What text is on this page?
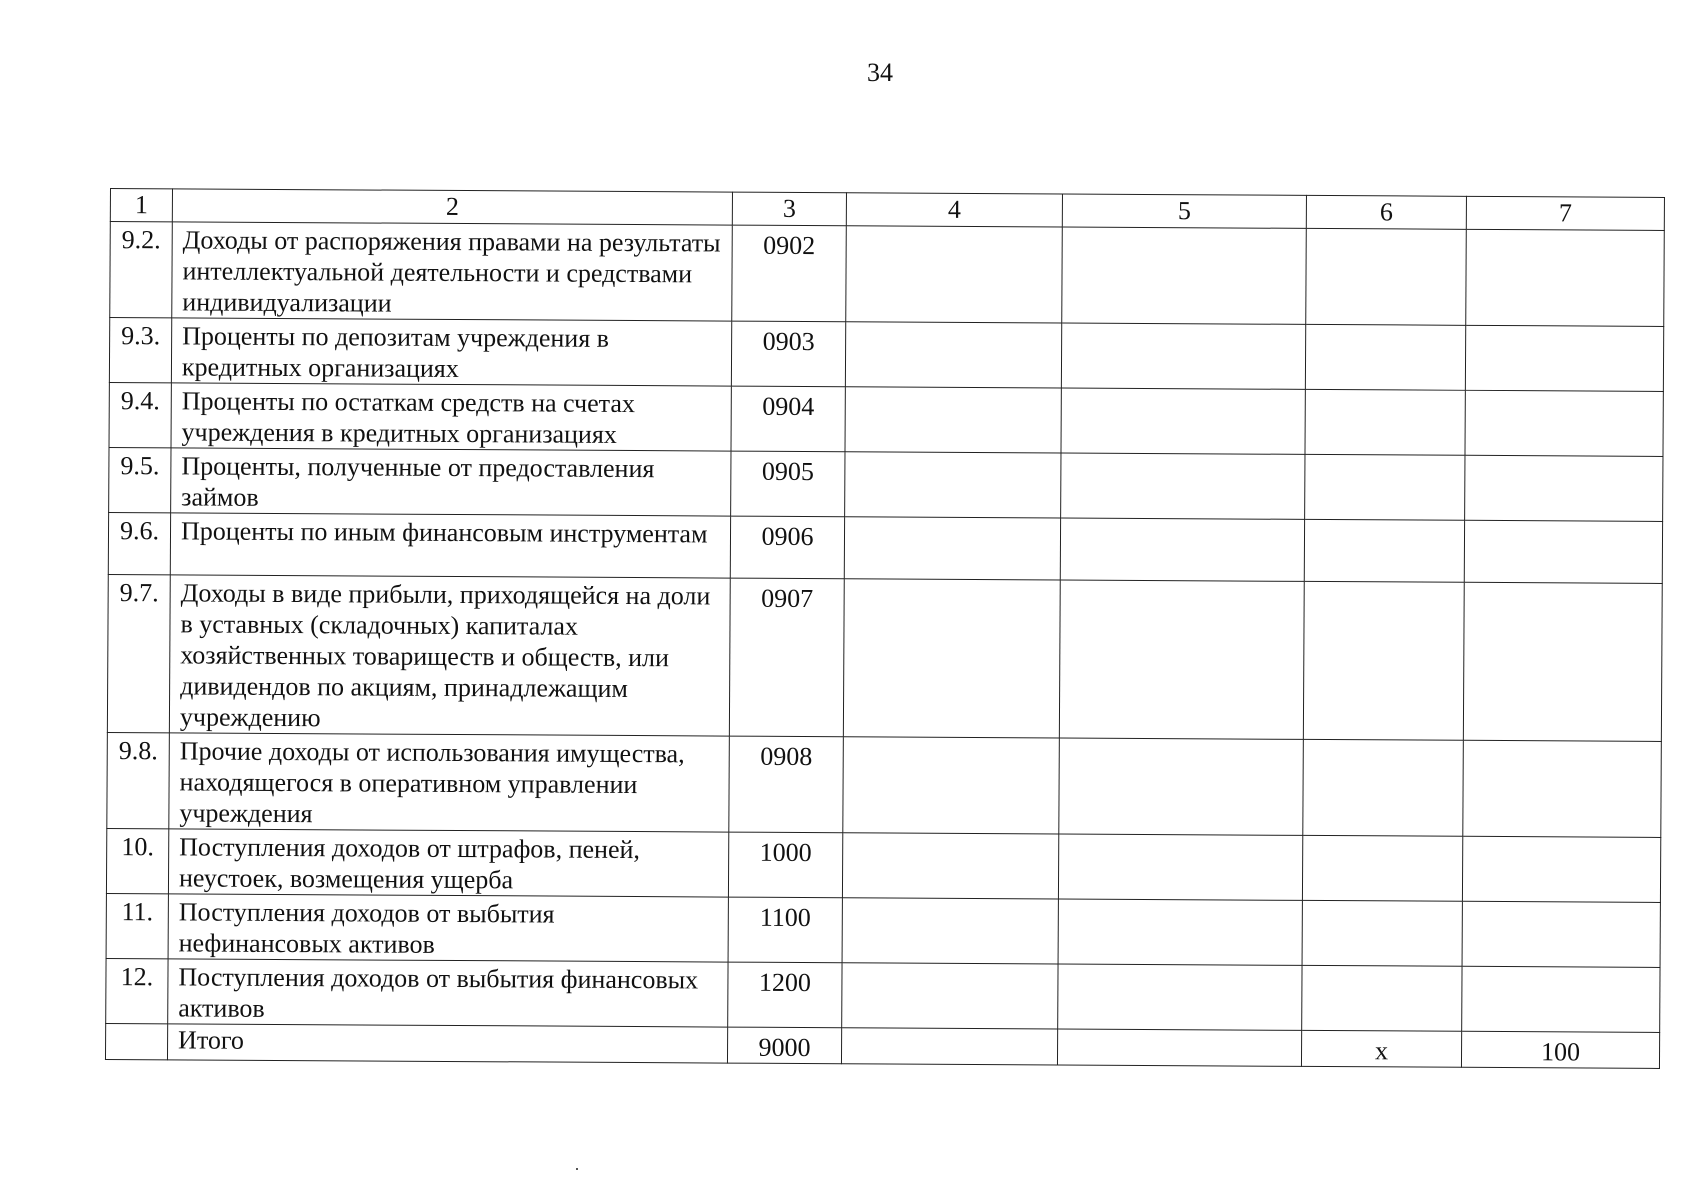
34
1	2	3	4	5	6	7
9.2.	Доходы от распоряжения правами на результаты интеллектуальной деятельности и средствами индивидуализации	0902				
9.3.	Проценты по депозитам учреждения в кредитных организациях	0903				
9.4.	Проценты по остаткам средств на счетах учреждения в кредитных организациях	0904				
9.5.	Проценты, полученные от предоставления займов	0905				
9.6.	Проценты по иным финансовым инструментам	0906				
9.7.	Доходы в виде прибыли, приходящейся на доли в уставных (складочных) капиталах хозяйственных товариществ и обществ, или дивидендов по акциям, принадлежащим учреждению	0907				
9.8.	Прочие доходы от использования имущества, находящегося в оперативном управлении учреждения	0908				
10.	Поступления доходов от штрафов, пеней, неустоек, возмещения ущерба	1000				
11.	Поступления доходов от выбытия нефинансовых активов	1100				
12.	Поступления доходов от выбытия финансовых активов	1200				
	Итого	9000			х	100
